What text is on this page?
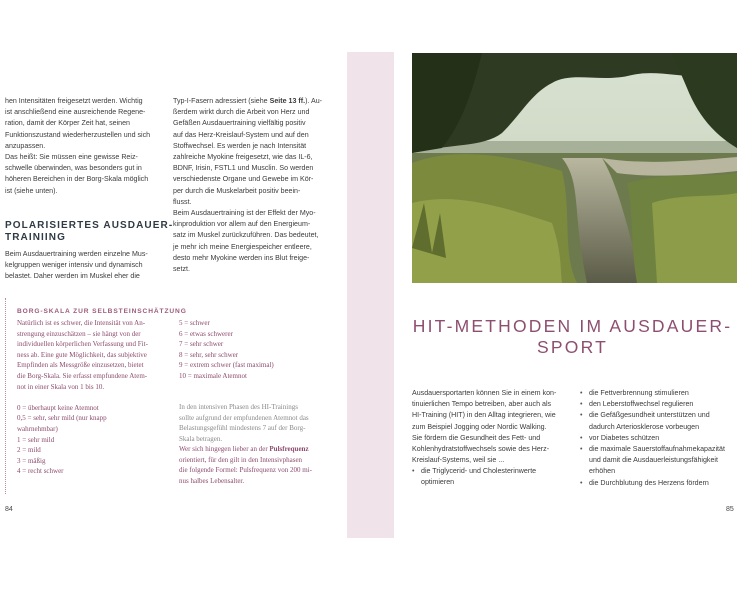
hen Intensitäten freigesetzt werden. Wichtig
ist anschließend eine ausreichende Regene-
ration, damit der Körper Zeit hat, seinen
Funktionszustand wiederherzustellen und sich
anzupassen.
Das heißt: Sie müssen eine gewisse Reiz-
schwelle überwinden, was besonders gut in
höheren Bereichen in der Borg-Skala möglich
ist (siehe unten).
POLARISIERTES AUSDAUER-
TRAINIING
Beim Ausdauertraining werden einzelne Mus-
kelgruppen weniger intensiv und dynamisch
belastet. Daher werden im Muskel eher die
Typ-I-Fasern adressiert (siehe Seite 13 ff.). Au-
ßerdem wirkt durch die Arbeit von Herz und
Gefäßen Ausdauertraining vielfältig positiv
auf das Herz-Kreislauf-System und auf den
Stoffwechsel. Es werden je nach Intensität
zahlreiche Myokine freigesetzt, wie das IL-6,
BDNF, Irisin, FSTL1 und Musclin. So werden
verschiedenste Organe und Gewebe im Kör-
per durch die Muskelarbeit positiv beein-
flusst.
Beim Ausdauertraining ist der Effekt der Myo-
kinproduktion vor allem auf den Energieum-
satz im Muskel zurückzuführen. Das bedeutet,
je mehr ich meine Energiespeicher entleere,
desto mehr Myokine werden ins Blut freige-
setzt.
BORG-SKALA ZUR SELBSTEINSCHÄTZUNG
Natürlich ist es schwer, die Intensität von An-
strengung einzuschätzen – sie hängt von der
individuellen körperlichen Verfassung und Fit-
ness ab. Eine gute Möglichkeit, das subjektive
Empfinden als Messgröße einzusetzen, bietet
die Borg-Skala. Sie erfasst empfundene Atem-
not in einer Skala von 1 bis 10.

0 = überhaupt keine Atemnot
0,5 = sehr, sehr mild (nur knapp
wahrnehmbar)
1 = sehr mild
2 = mild
3 = mäßig
4 = recht schwer
5 = schwer
6 = etwas schwerer
7 = sehr schwer
8 = sehr, sehr schwer
9 = extrem schwer (fast maximal)
10 = maximale Atemnot
In den intensiven Phasen des HI-Trainings
sollte aufgrund der empfundenen Atemnot das
Belastungsgefühl mindestens 7 auf der Borg-
Skala betragen.
Wer sich hingegen lieber an der Pulsfrequenz
orientiert, für den gilt in den Intensivphasen
die folgende Formel: Pulsfrequenz von 200 mi-
nus halbes Lebensalter.
84
HIT-METHODEN IM AUSDAUER-
SPORT
Ausdauersportarten können Sie in einem kon-
tinuierlichen Tempo betreiben, aber auch als
HI-Training (HIT) in den Alltag integrieren, wie
zum Beispiel Jogging oder Nordic Walking.
Sie fördern die Gesundheit des Fett- und
Kohlenhydratstoffwechsels sowie des Herz-
Kreislauf-Systems, weil sie ...
• die Triglycerid- und Cholesterinwerte
optimieren
• die Fettverbrennung stimulieren
• den Leberstoffwechsel regulieren
• die Gefäßgesundheit unterstützen und
dadurch Arteriosklerose vorbeugen
• vor Diabetes schützen
• die maximale Sauerstoffaufnahmekapazität
und damit die Ausdauerleistungsfähigkeit
erhöhen
• die Durchblutung des Herzens fördern
85
